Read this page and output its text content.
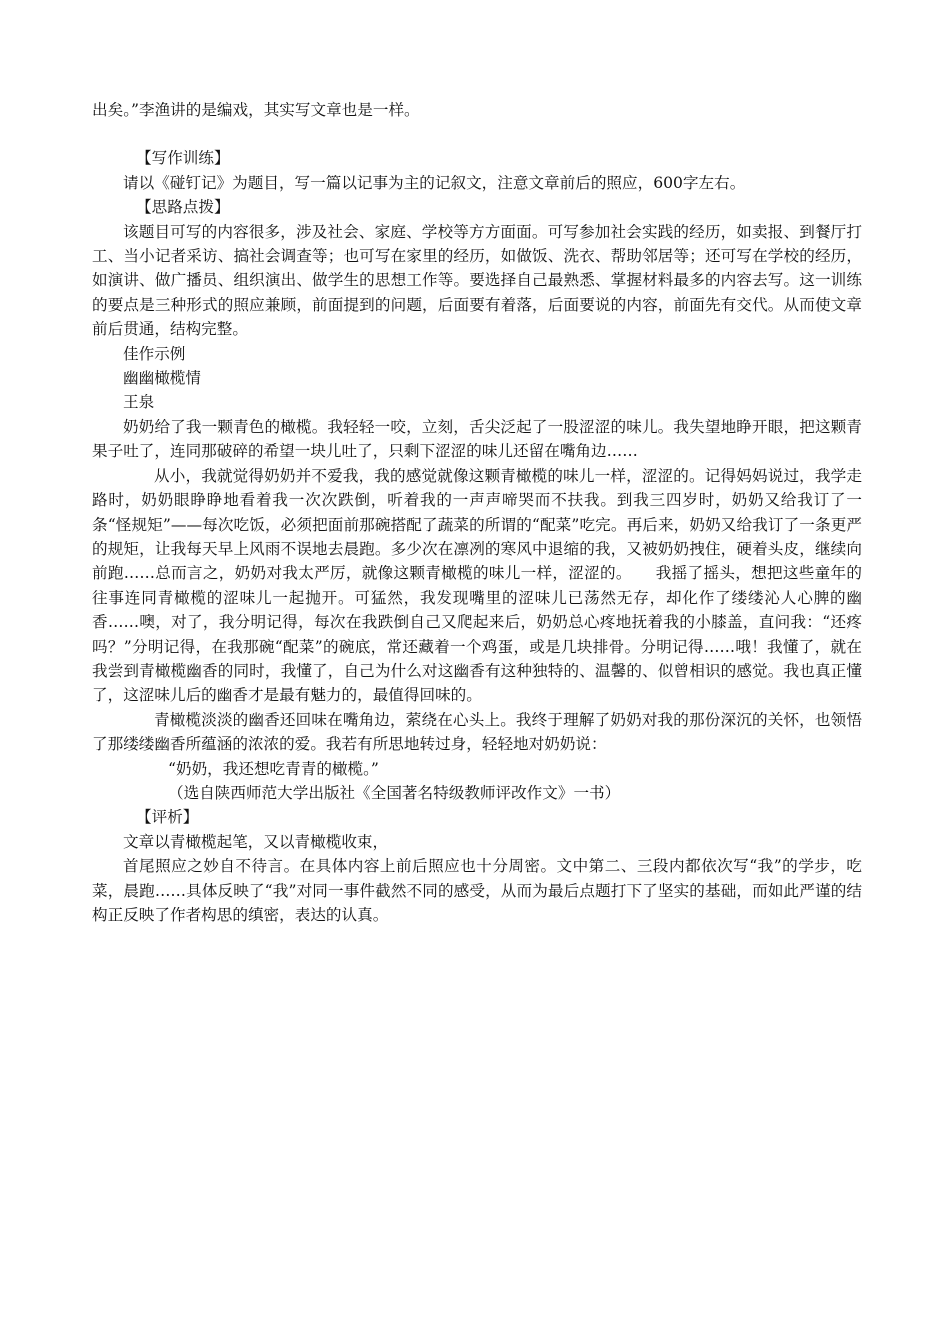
出矣。”李渔讲的是编戏，其实写文章也是一样。

【写作训练】

请以《碰钉记》为题目，写一篇以记事为主的记叙文，注意文章前后的照应，600字左右。

【思路点拨】

该题目可写的内容很多，涉及社会、家庭、学校等方方面面。可写参加社会实践的经历，如卖报、到餐厅打工、当小记者采访、搞社会调查等；也可写在家里的经历，如做饭、洗衣、帮助邻居等；还可写在学校的经历，如演讲、做广播员、组织演出、做学生的思想工作等。要选择自己最熟悉、掌握材料最多的内容去写。这一训练的要点是三种形式的照应兼顾，前面提到的问题，后面要有着落，后面要说的内容，前面先有交代。从而使文章前后贯通，结构完整。

佳作示例

幽幽橄榄情

王泉

奶奶给了我一颗青色的橄榄。我轻轻一咬，立刻，舌尖泛起了一股涩涩的味儿。我失望地睁开眼，把这颗青果子吐了，连同那破碎的希望一块儿吐了，只剩下涩涩的味儿还留在嘴角边……

从小，我就觉得奶奶并不爱我，我的感觉就像这颗青橄榄的味儿一样，涩涩的。记得妈妈说过，我学走路时，奶奶眼睁睁地看着我一次次跌倒，听着我的一声声啼哭而不扶我。到我三四岁时，奶奶又给我订了一条“怪规矩”——每次吃饭，必须把面前那碗搭配了蔬菜的所谓的“配菜”吃完。再后来，奶奶又给我订了一条更严的规矩，让我每天早上风雨不误地去晨跑。多少次在凛冽的寒风中退缩的我，又被奶奶拽住，硬着头皮，继续向前跑……总而言之，奶奶对我太严厉，就像这颗青橄榄的味儿一样，涩涩的。　　我摇了摇头，想把这些童年的往事连同青橄榄的涩味儿一起抛开。可猛然，我发现嘴里的涩味儿已荡然无存，却化作了缕缕沁人心脾的幽香……噢，对了，我分明记得，每次在我跌倒自己又爬起来后，奶奶总心疼地抚着我的小膝盖，直问我：“还疼吗？”分明记得，在我那碗“配菜”的碗底，常还藏着一个鸡蛋，或是几块排骨。分明记得……哦！我懂了，就在我尝到青橄榄幽香的同时，我懂了，自己为什么对这幽香有这种独特的、温馨的、似曾相识的感觉。我也真正懂了，这涩味儿后的幽香才是最有魅力的，最值得回味的。

青橄榄淡淡的幽香还回味在嘴角边，萦绕在心头上。我终于理解了奶奶对我的那份深沉的关怀，也领悟了那缕缕幽香所蕴涵的浓浓的爱。我若有所思地转过身，轻轻地对奶奶说：

“奶奶，我还想吃青青的橄榄。”

（选自陕西师范大学出版社《全国著名特级教师评改作文》一书）

【评析】

文章以青橄榄起笔，又以青橄榄收束，

首尾照应之妙自不待言。在具体内容上前后照应也十分周密。文中第二、三段内都依次写“我”的学步，吃菜，晨跑……具体反映了“我”对同一事件截然不同的感受，从而为最后点题打下了坚实的基础，而如此严谨的结构正反映了作者构思的缜密，表达的认真。
